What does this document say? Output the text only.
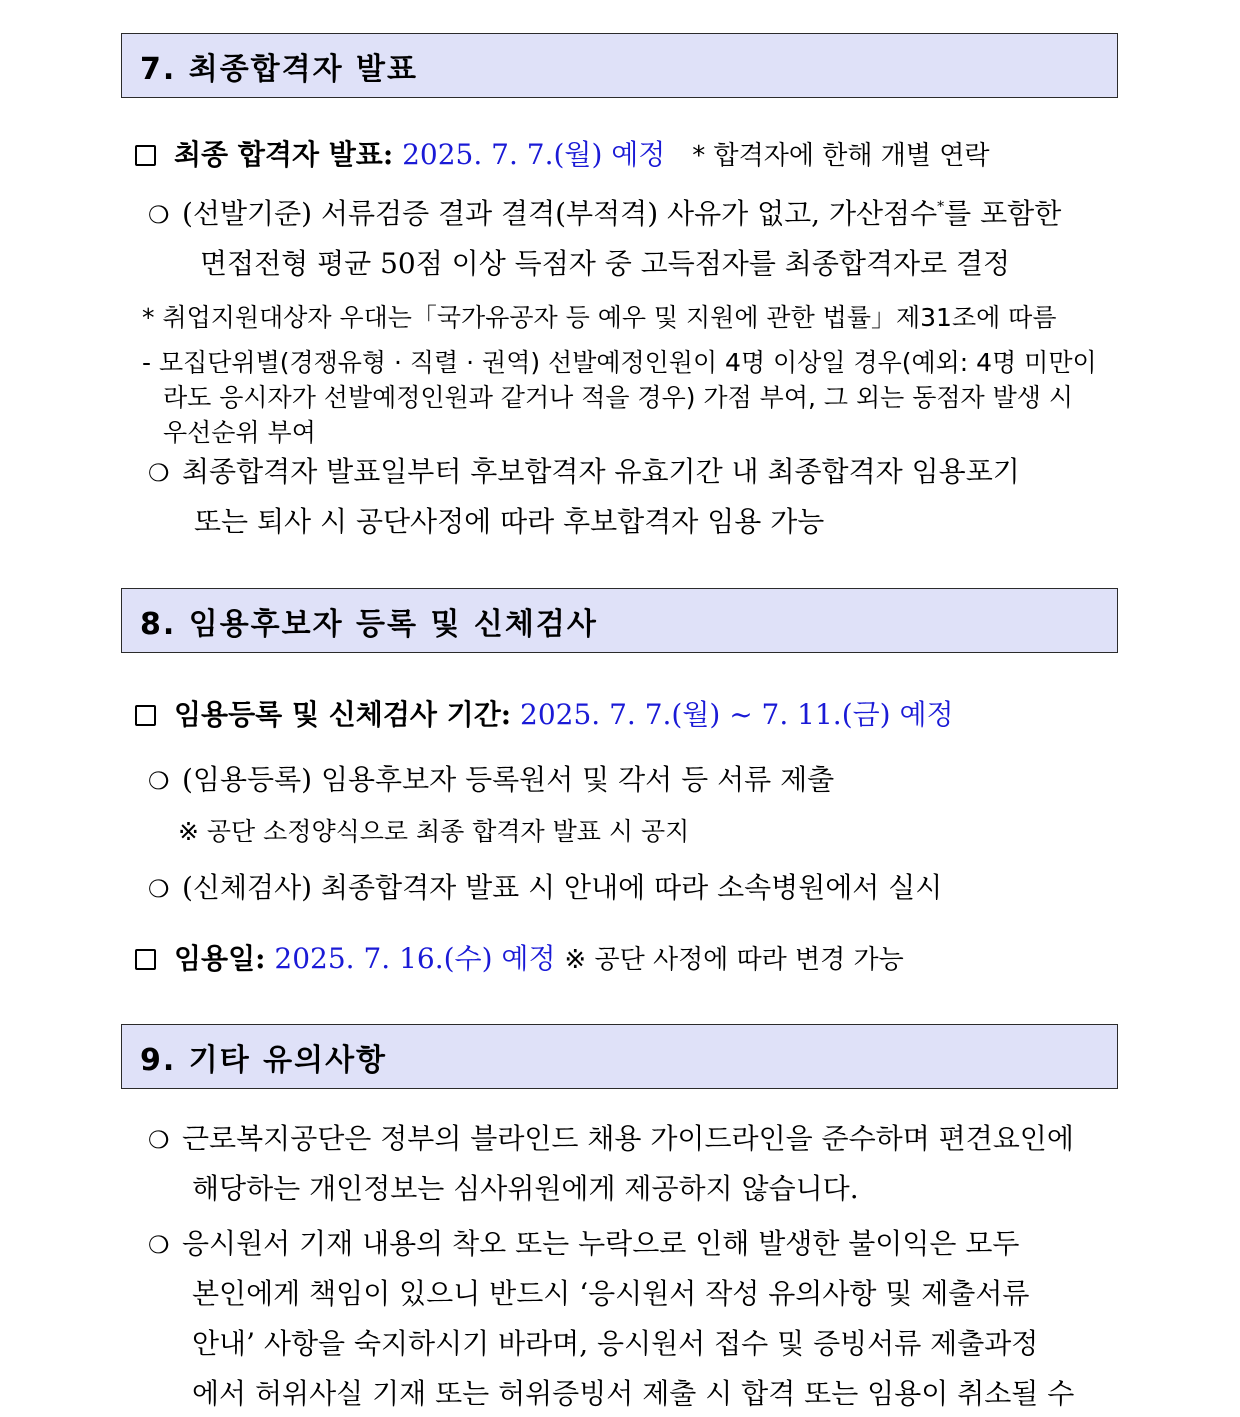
7. 최종합격자 발표
최종 합격자 발표: 2025. 7. 7.(월) 예정 * 합격자에 한해 개별 연락
❍ (선발기준) 서류검증 결과 결격(부적격) 사유가 없고, 가산점수*를 포함한
면접전형 평균 50점 이상 득점자 중 고득점자를 최종합격자로 결정
* 취업지원대상자 우대는「국가유공자 등 예우 및 지원에 관한 법률」제31조에 따름
- 모집단위별(경쟁유형 · 직렬 · 권역) 선발예정인원이 4명 이상일 경우(예외: 4명 미만이
라도 응시자가 선발예정인원과 같거나 적을 경우) 가점 부여, 그 외는 동점자 발생 시
우선순위 부여
❍ 최종합격자 발표일부터 후보합격자 유효기간 내 최종합격자 임용포기
또는 퇴사 시 공단사정에 따라 후보합격자 임용 가능
8. 임용후보자 등록 및 신체검사
임용등록 및 신체검사 기간: 2025. 7. 7.(월) ~ 7. 11.(금) 예정
❍ (임용등록) 임용후보자 등록원서 및 각서 등 서류 제출
※ 공단 소정양식으로 최종 합격자 발표 시 공지
❍ (신체검사) 최종합격자 발표 시 안내에 따라 소속병원에서 실시
임용일: 2025. 7. 16.(수) 예정 ※ 공단 사정에 따라 변경 가능
9. 기타 유의사항
❍ 근로복지공단은 정부의 블라인드 채용 가이드라인을 준수하며 편견요인에
해당하는 개인정보는 심사위원에게 제공하지 않습니다.
❍ 응시원서 기재 내용의 착오 또는 누락으로 인해 발생한 불이익은 모두
본인에게 책임이 있으니 반드시 ‘응시원서 작성 유의사항 및 제출서류
안내’ 사항을 숙지하시기 바라며, 응시원서 접수 및 증빙서류 제출과정
에서 허위사실 기재 또는 허위증빙서 제출 시 합격 또는 임용이 취소될 수
